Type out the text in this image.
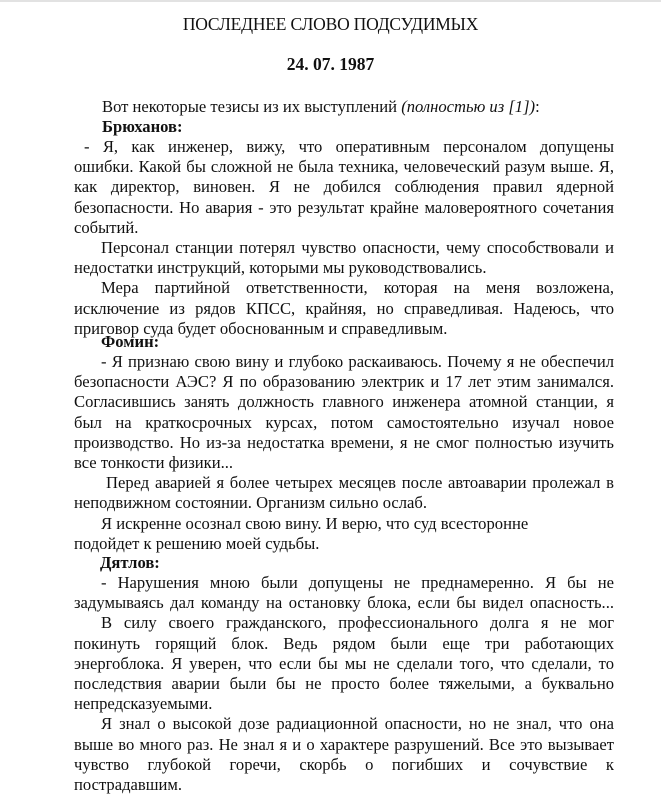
ПОСЛЕДНЕЕ СЛОВО ПОДСУДИМЫХ
24. 07. 1987
Вот некоторые тезисы из их выступлений (полностью из [1]):
Брюханов:
- Я, как инженер, вижу, что оперативным персоналом допущены
ошибки. Какой бы сложной не была техника, человеческий разум выше. Я,
как директор, виновен. Я не добился соблюдения правил ядерной
безопасности. Но авария - это результат крайне маловероятного сочетания
событий.
Персонал станции потерял чувство опасности, чему способствовали и
недостатки инструкций, которыми мы руководствовались.
Мера партийной ответственности, которая на меня возложена,
исключение из рядов КПСС, крайняя, но справедливая. Надеюсь, что
приговор суда будет обоснованным и справедливым.
Фомин:
- Я признаю свою вину и глубоко раскаиваюсь. Почему я не обеспечил
безопасности АЭС? Я по образованию электрик и 17 лет этим занимался.
Согласившись занять должность главного инженера атомной станции, я
был на краткосрочных курсах, потом самостоятельно изучал новое
производство. Но из-за недостатка времени, я не смог полностью изучить
все тонкости физики...
Перед аварией я более четырех месяцев после автоаварии пролежал в
неподвижном состоянии. Организм сильно ослаб.
Я искренне осознал свою вину. И верю, что суд всесторонне
подойдет к решению моей судьбы.
Дятлов:
- Нарушения мною были допущены не преднамеренно. Я бы не
задумываясь дал команду на остановку блока, если бы видел опасность...
В силу своего гражданского, профессионального долга я не мог
покинуть горящий блок. Ведь рядом были еще три работающих
энергоблока. Я уверен, что если бы мы не сделали того, что сделали, то
последствия аварии были бы не просто более тяжелыми, а буквально
непредсказуемыми.
Я знал о высокой дозе радиационной опасности, но не знал, что она
выше во много раз. Не знал я и о характере разрушений. Все это вызывает
чувство глубокой горечи, скорбь о погибших и сочувствие к
пострадавшим.
